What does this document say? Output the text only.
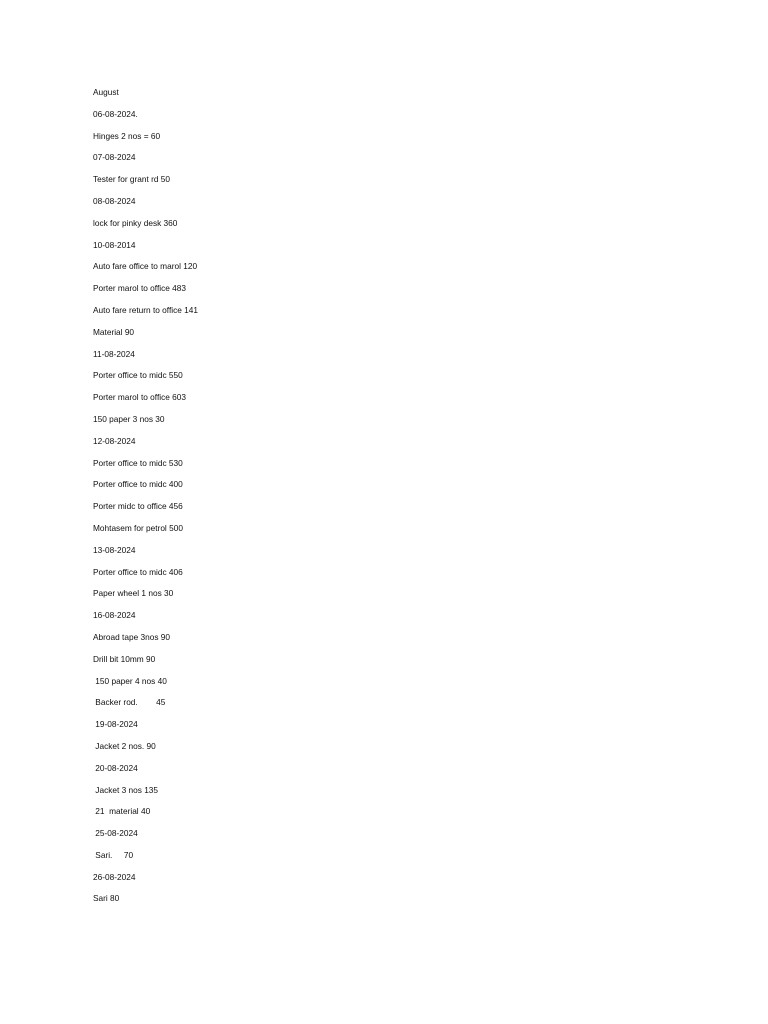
August
06-08-2024.
Hinges 2 nos = 60
07-08-2024
Tester for grant rd 50
08-08-2024
lock for pinky desk 360
10-08-2014
Auto fare office to marol 120
Porter marol to office 483
Auto fare return to office 141
Material 90
11-08-2024
Porter office to midc 550
Porter marol to office 603
150 paper 3 nos 30
12-08-2024
Porter office to midc 530
Porter office to midc 400
Porter midc to office 456
Mohtasem for petrol 500
13-08-2024
Porter office to midc 406
Paper wheel 1 nos 30
16-08-2024
Abroad tape 3nos 90
Drill bit 10mm 90
150 paper 4 nos 40
Backer rod.        45
19-08-2024
Jacket 2 nos. 90
20-08-2024
Jacket 3 nos 135
21  material 40
25-08-2024
Sari.     70
26-08-2024
Sari 80
